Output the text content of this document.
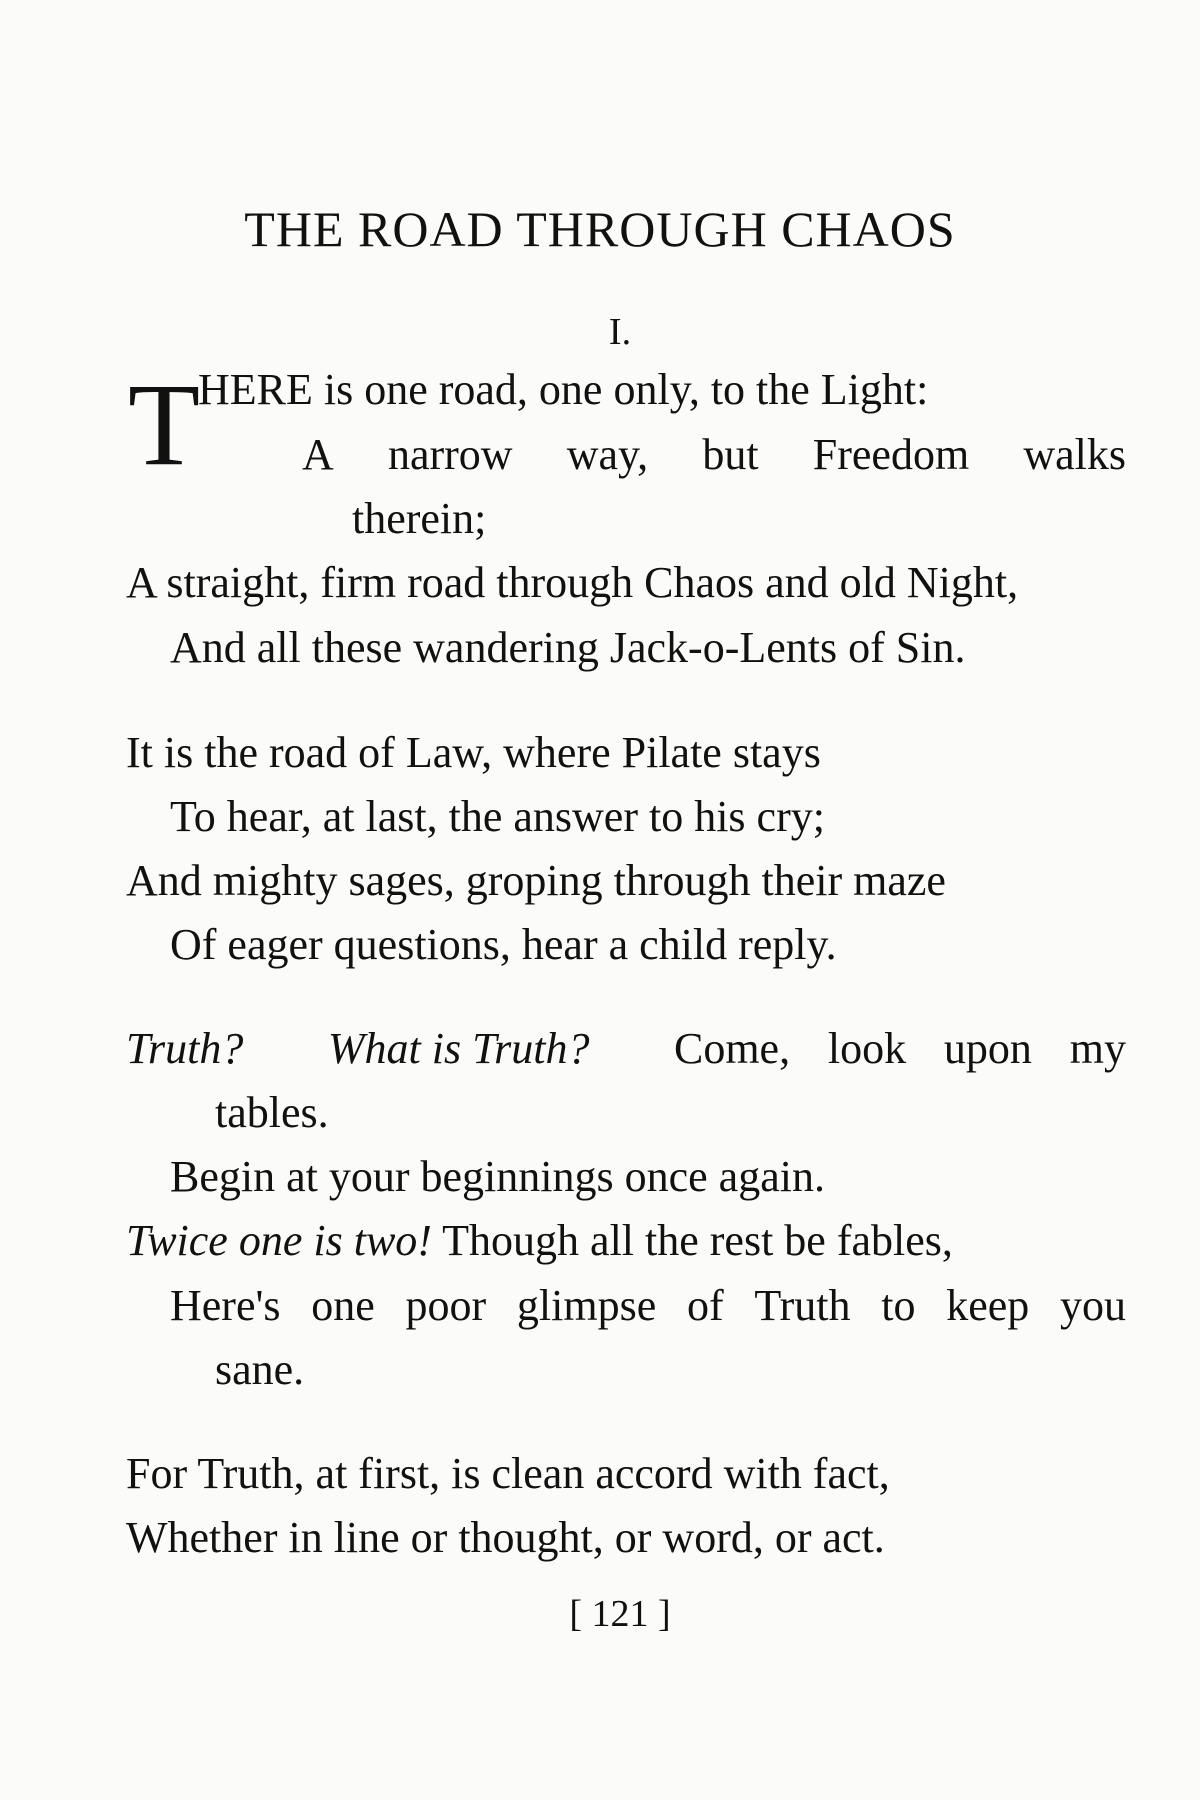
THE ROAD THROUGH CHAOS
I.
T
HERE is one road, one only, to the Light:
A narrow way, but Freedom walks
therein;
A straight, firm road through Chaos and old Night,
And all these wandering Jack-o-Lents of Sin.
It is the road of Law, where Pilate stays
To hear, at last, the answer to his cry;
And mighty sages, groping through their maze
Of eager questions, hear a child reply.
Truth? What is Truth? Come, look upon my
tables.
Begin at your beginnings once again.
Twice one is two! Though all the rest be fables,
Here's one poor glimpse of Truth to keep you
sane.
For Truth, at first, is clean accord with fact,
Whether in line or thought, or word, or act.
[ 121 ]
